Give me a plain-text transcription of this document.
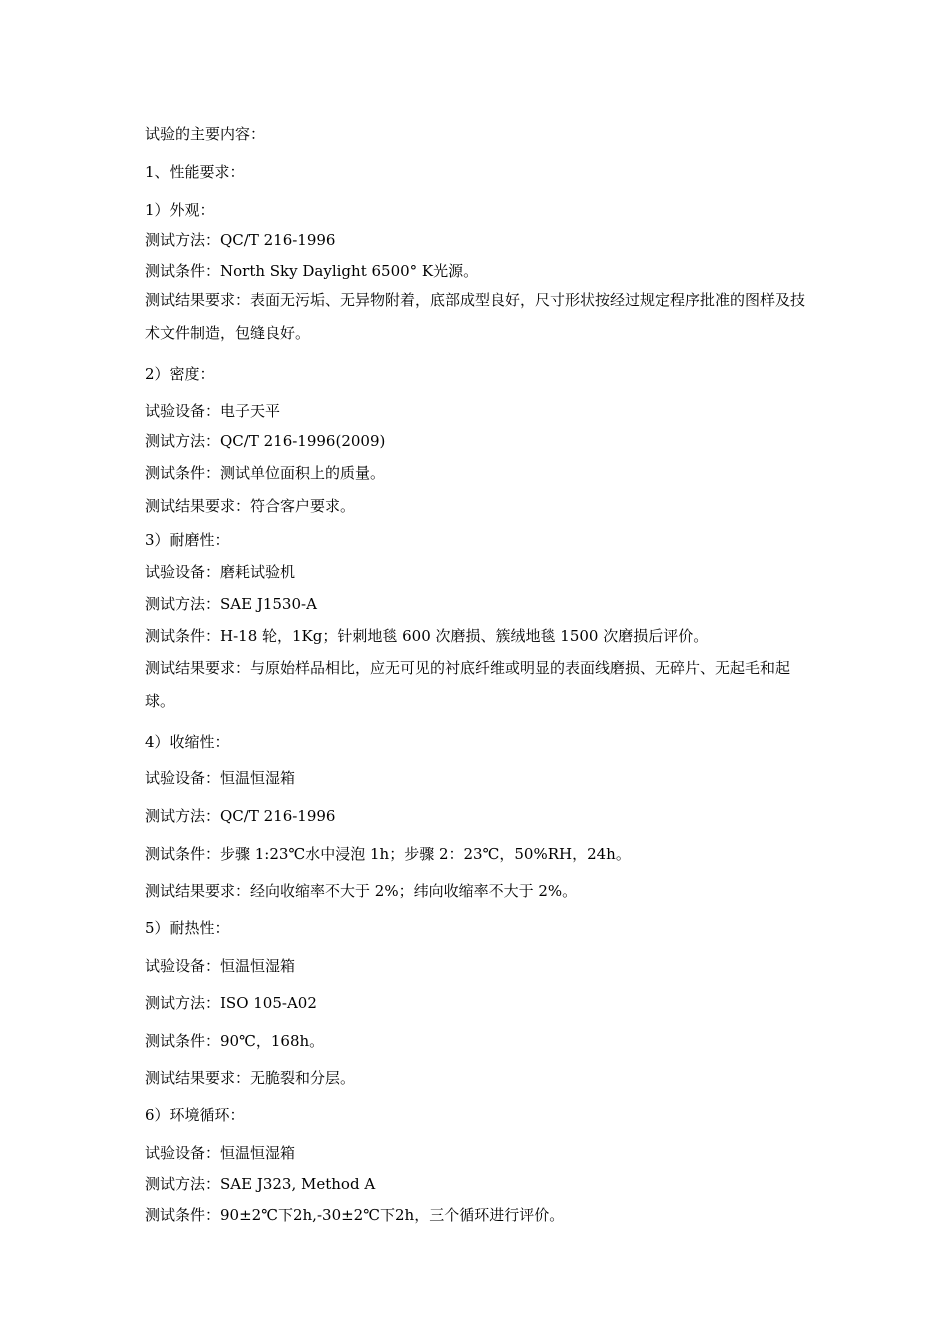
试验的主要内容：
1、性能要求：
1）外观：
测试方法：QC/T 216-1996
测试条件：North Sky Daylight 6500° K光源。
测试结果要求：表面无污垢、无异物附着，底部成型良好，尺寸形状按经过规定程序批准的图样及技术文件制造，包缝良好。
2）密度：
试验设备：电子天平
测试方法：QC/T 216-1996(2009)
测试条件：测试单位面积上的质量。
测试结果要求：符合客户要求。
3）耐磨性：
试验设备：磨耗试验机
测试方法：SAE J1530-A
测试条件：H-18 轮，1Kg；针刺地毯 600 次磨损、簇绒地毯 1500 次磨损后评价。
测试结果要求：与原始样品相比，应无可见的衬底纤维或明显的表面线磨损、无碎片、无起毛和起球。
4）收缩性：
试验设备：恒温恒湿箱
测试方法：QC/T 216-1996
测试条件：步骤 1:23℃水中浸泡 1h；步骤 2：23℃，50%RH，24h。
测试结果要求：经向收缩率不大于 2%；纬向收缩率不大于 2%。
5）耐热性：
试验设备：恒温恒湿箱
测试方法：ISO 105-A02
测试条件：90℃，168h。
测试结果要求：无脆裂和分层。
6）环境循环：
试验设备：恒温恒湿箱
测试方法：SAE J323, Method A
测试条件：90±2℃下2h,-30±2℃下2h，三个循环进行评价。
